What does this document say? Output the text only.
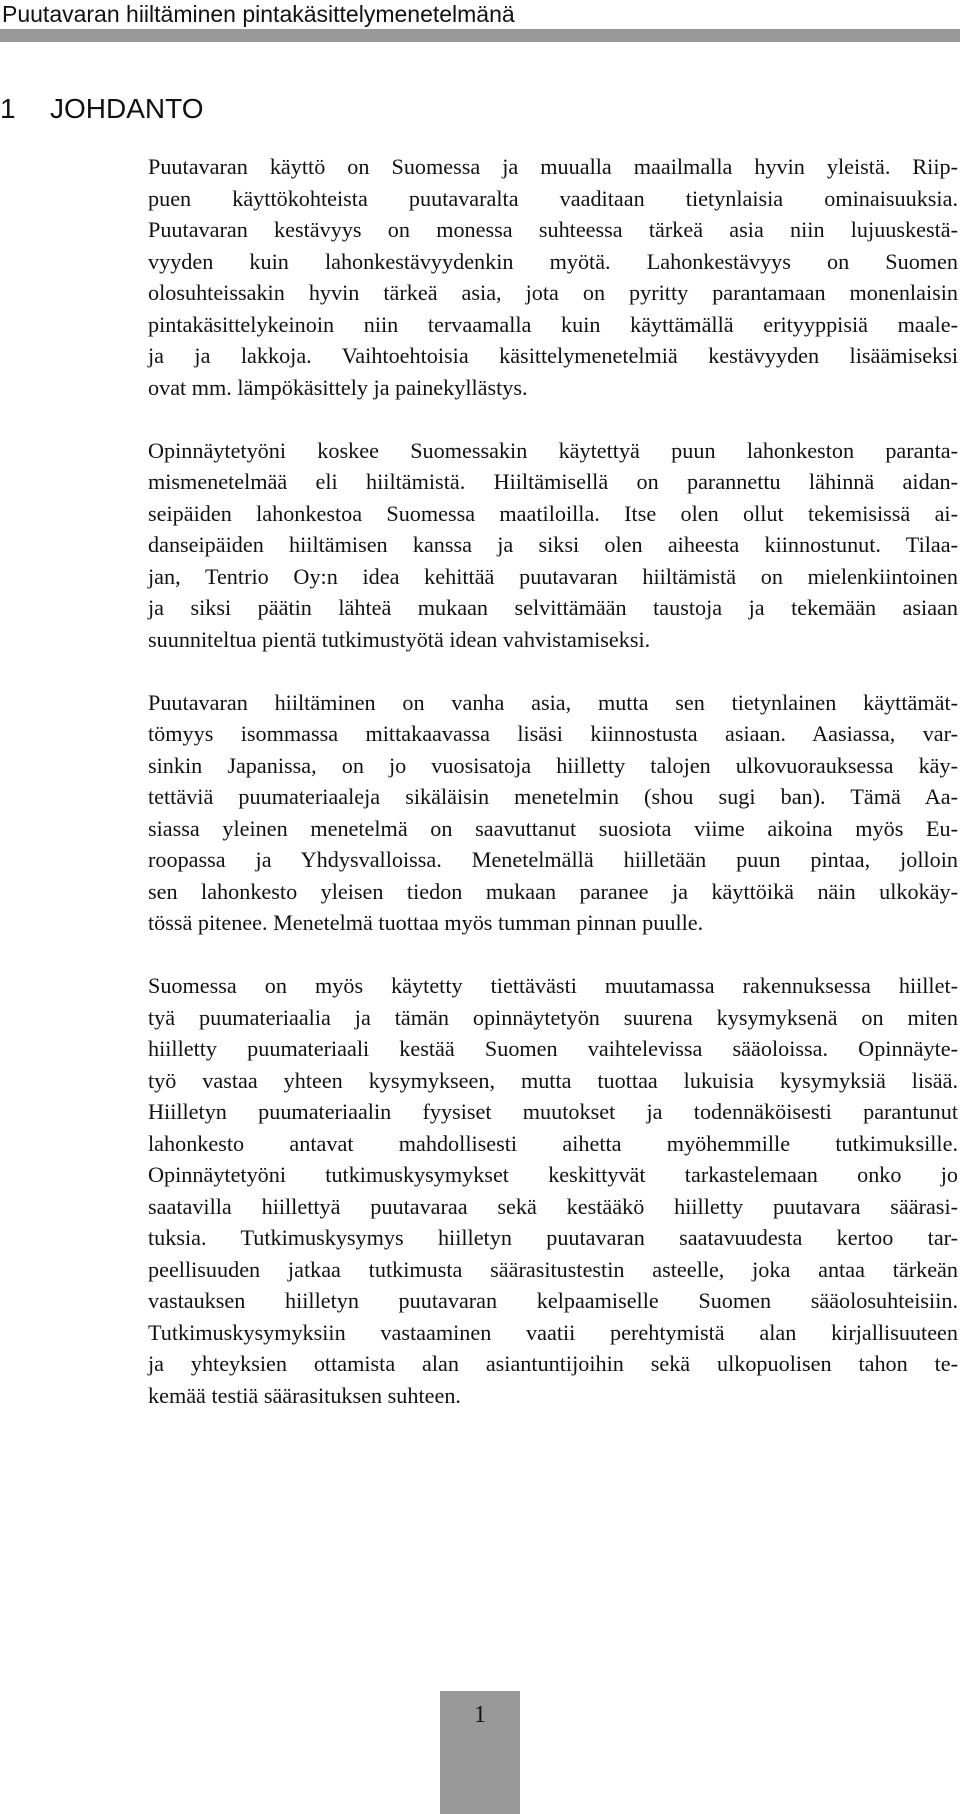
Puutavaran hiiltäminen pintakäsittelymenetelmänä
1 JOHDANTO

Puutavaran käyttö on Suomessa ja muualla maailmalla hyvin yleistä. Riip-
puen käyttökohteista puutavaralta vaaditaan tietynlaisia ominaisuuksia.
Puutavaran kestävyys on monessa suhteessa tärkeä asia niin lujuuskestä-
vyyden kuin lahonkestävyydenkin myötä. Lahonkestävyys on Suomen
olosuhteissakin hyvin tärkeä asia, jota on pyritty parantamaan monenlaisin
pintakäsittelykeinoin niin tervaamalla kuin käyttämällä erityyppisiä maale-
ja ja lakkoja. Vaihtoehtoisia käsittelymenetelmiä kestävyyden lisäämiseksi
ovat mm. lämpökäsittely ja painekyllästys.

Opinnäytetyöni koskee Suomessakin käytettyä puun lahonkeston paranta-
mismenetelmää eli hiiltämistä. Hiiltämisellä on parannettu lähinnä aidan-
seipäiden lahonkestoa Suomessa maatiloilla. Itse olen ollut tekemisissä ai-
danseipäiden hiiltämisen kanssa ja siksi olen aiheesta kiinnostunut. Tilaa-
jan, Tentrio Oy:n idea kehittää puutavaran hiiltämistä on mielenkiintoinen
ja siksi päätin lähteä mukaan selvittämään taustoja ja tekemään asiaan
suunniteltua pientä tutkimustyötä idean vahvistamiseksi.

Puutavaran hiiltäminen on vanha asia, mutta sen tietynlainen käyttämät-
tömyys isommassa mittakaavassa lisäsi kiinnostusta asiaan. Aasiassa, var-
sinkin Japanissa, on jo vuosisatoja hiilletty talojen ulkovuorauksessa käy-
tettäviä puumateriaaleja sikäläisin menetelmin (shou sugi ban). Tämä Aa-
siassa yleinen menetelmä on saavuttanut suosiota viime aikoina myös Eu-
roopassa ja Yhdysvalloissa. Menetelmällä hiilletään puun pintaa, jolloin
sen lahonkesto yleisen tiedon mukaan paranee ja käyttöikä näin ulkokäy-
tössä pitenee. Menetelmä tuottaa myös tumman pinnan puulle.

Suomessa on myös käytetty tiettävästi muutamassa rakennuksessa hiillet-
tyä puumateriaalia ja tämän opinnäytetyön suurena kysymyksenä on miten
hiilletty puumateriaali kestää Suomen vaihtelevissa sääoloissa. Opinnäyte-
työ vastaa yhteen kysymykseen, mutta tuottaa lukuisia kysymyksiä lisää.
Hiilletyn puumateriaalin fyysiset muutokset ja todennäköisesti parantunut
lahonkesto antavat mahdollisesti aihetta myöhemmille tutkimuksille.
Opinnäytetyöni tutkimuskysymykset keskittyvät tarkastelemaan onko jo
saatavilla hiillettyä puutavaraa sekä kestääkö hiilletty puutavara säärasi-
tuksia. Tutkimuskysymys hiilletyn puutavaran saatavuudesta kertoo tar-
peellisuuden jatkaa tutkimusta säärasitustestin asteelle, joka antaa tärkeän
vastauksen hiilletyn puutavaran kelpaamiselle Suomen sääolosuhteisiin.
Tutkimuskysymyksiin vastaaminen vaatii perehtymistä alan kirjallisuuteen
ja yhteyksien ottamista alan asiantuntijoihin sekä ulkopuolisen tahon te-
kemää testiä säärasituksen suhteen.

1
